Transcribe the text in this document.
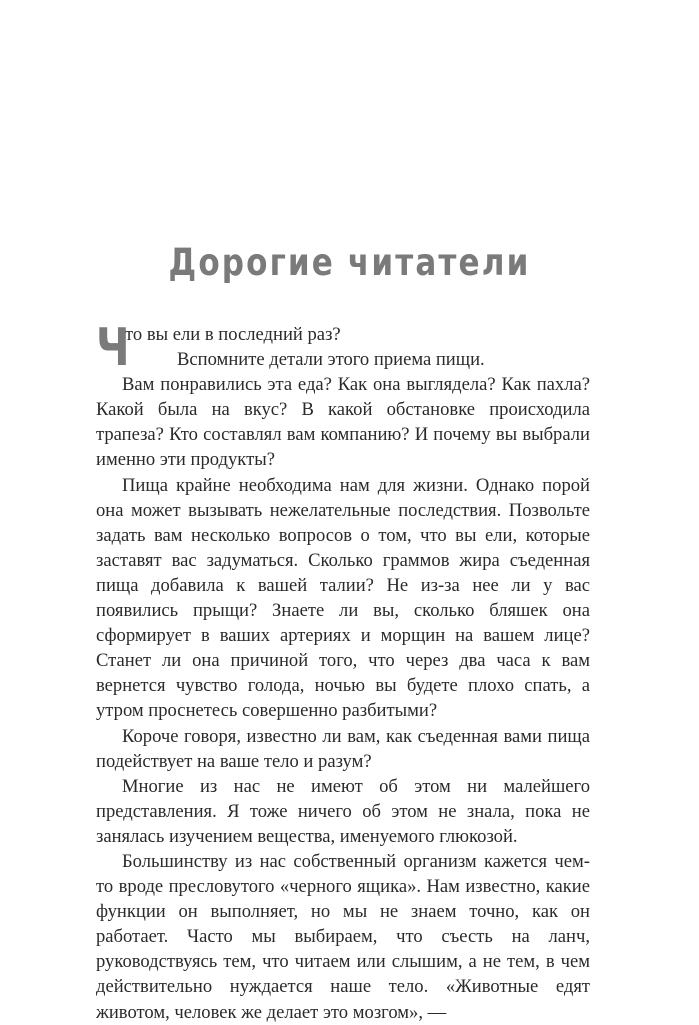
Дорогие читатели

Ч
то вы ели в последний раз?

Вспомните детали этого приема пищи.

Вам понравились эта еда? Как она выглядела? Как пахла? Какой была на вкус? В какой обстановке происходила трапеза? Кто составлял вам компанию? И почему вы выбрали именно эти продукты?

Пища крайне необходима нам для жизни. Однако порой она может вызывать нежелательные последствия. Позвольте задать вам несколько вопросов о том, что вы ели, которые заставят вас задуматься. Сколько граммов жира съеденная пища добавила к вашей талии? Не из-за нее ли у вас появились прыщи? Знаете ли вы, сколько бляшек она сформирует в ваших артериях и морщин на вашем лице? Станет ли она причиной того, что через два часа к вам вернется чувство голода, ночью вы будете плохо спать, а утром проснетесь совершенно разбитыми?

Короче говоря, известно ли вам, как съеденная вами пища подействует на ваше тело и разум?

Многие из нас не имеют об этом ни малейшего представления. Я тоже ничего об этом не знала, пока не занялась изучением вещества, именуемого глюкозой.

Большинству из нас собственный организм кажется чем-то вроде пресловутого «черного ящика». Нам известно, какие функции он выполняет, но мы не знаем точно, как он работает. Часто мы выбираем, что съесть на ланч, руководствуясь тем, что читаем или слышим, а не тем, в чем действительно нуждается наше тело. «Животные едят животом, человек же делает это мозгом», —
